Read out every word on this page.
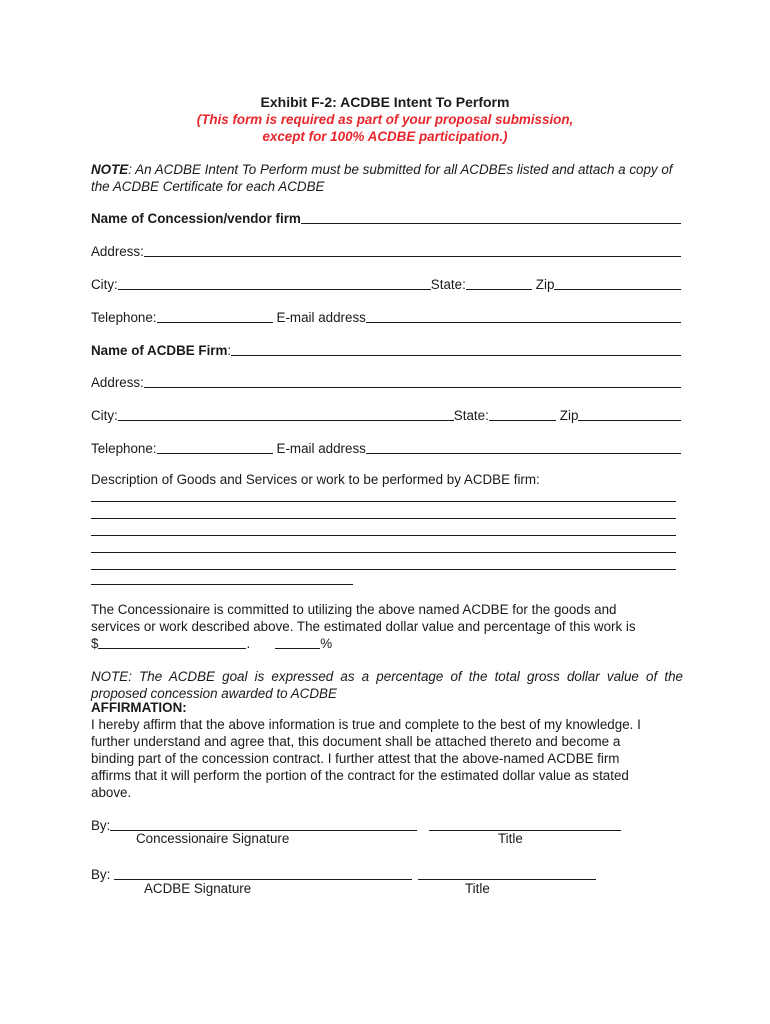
Exhibit F-2: ACDBE Intent To Perform
(This form is required as part of your proposal submission,
except for 100% ACDBE participation.)
NOTE: An ACDBE Intent To Perform must be submitted for all ACDBEs listed and attach a copy of the ACDBE Certificate for each ACDBE
Name of Concession/vendor firm
Address:
City:	State:	Zip
Telephone:	E-mail address
Name of ACDBE Firm :
Address:
City:	State:	Zip
Telephone:	E-mail address
Description of Goods and Services or work to be performed by ACDBE firm:
The Concessionaire is committed to utilizing the above named ACDBE for the goods and
services or work described above. The estimated dollar value and percentage of this work is
$	.	%
NOTE: The ACDBE goal is expressed as a percentage of the total gross dollar value of the
proposed concession awarded to ACDBE
AFFIRMATION:
I hereby affirm that the above information is true and complete to the best of my knowledge. I further understand and agree that, this document shall be attached thereto and become a binding part of the concession contract. I further attest that the above-named ACDBE firm affirms that it will perform the portion of the contract for the estimated dollar value as stated above.
By:
Concessionaire Signature	Title
By:
ACDBE Signature	Title
